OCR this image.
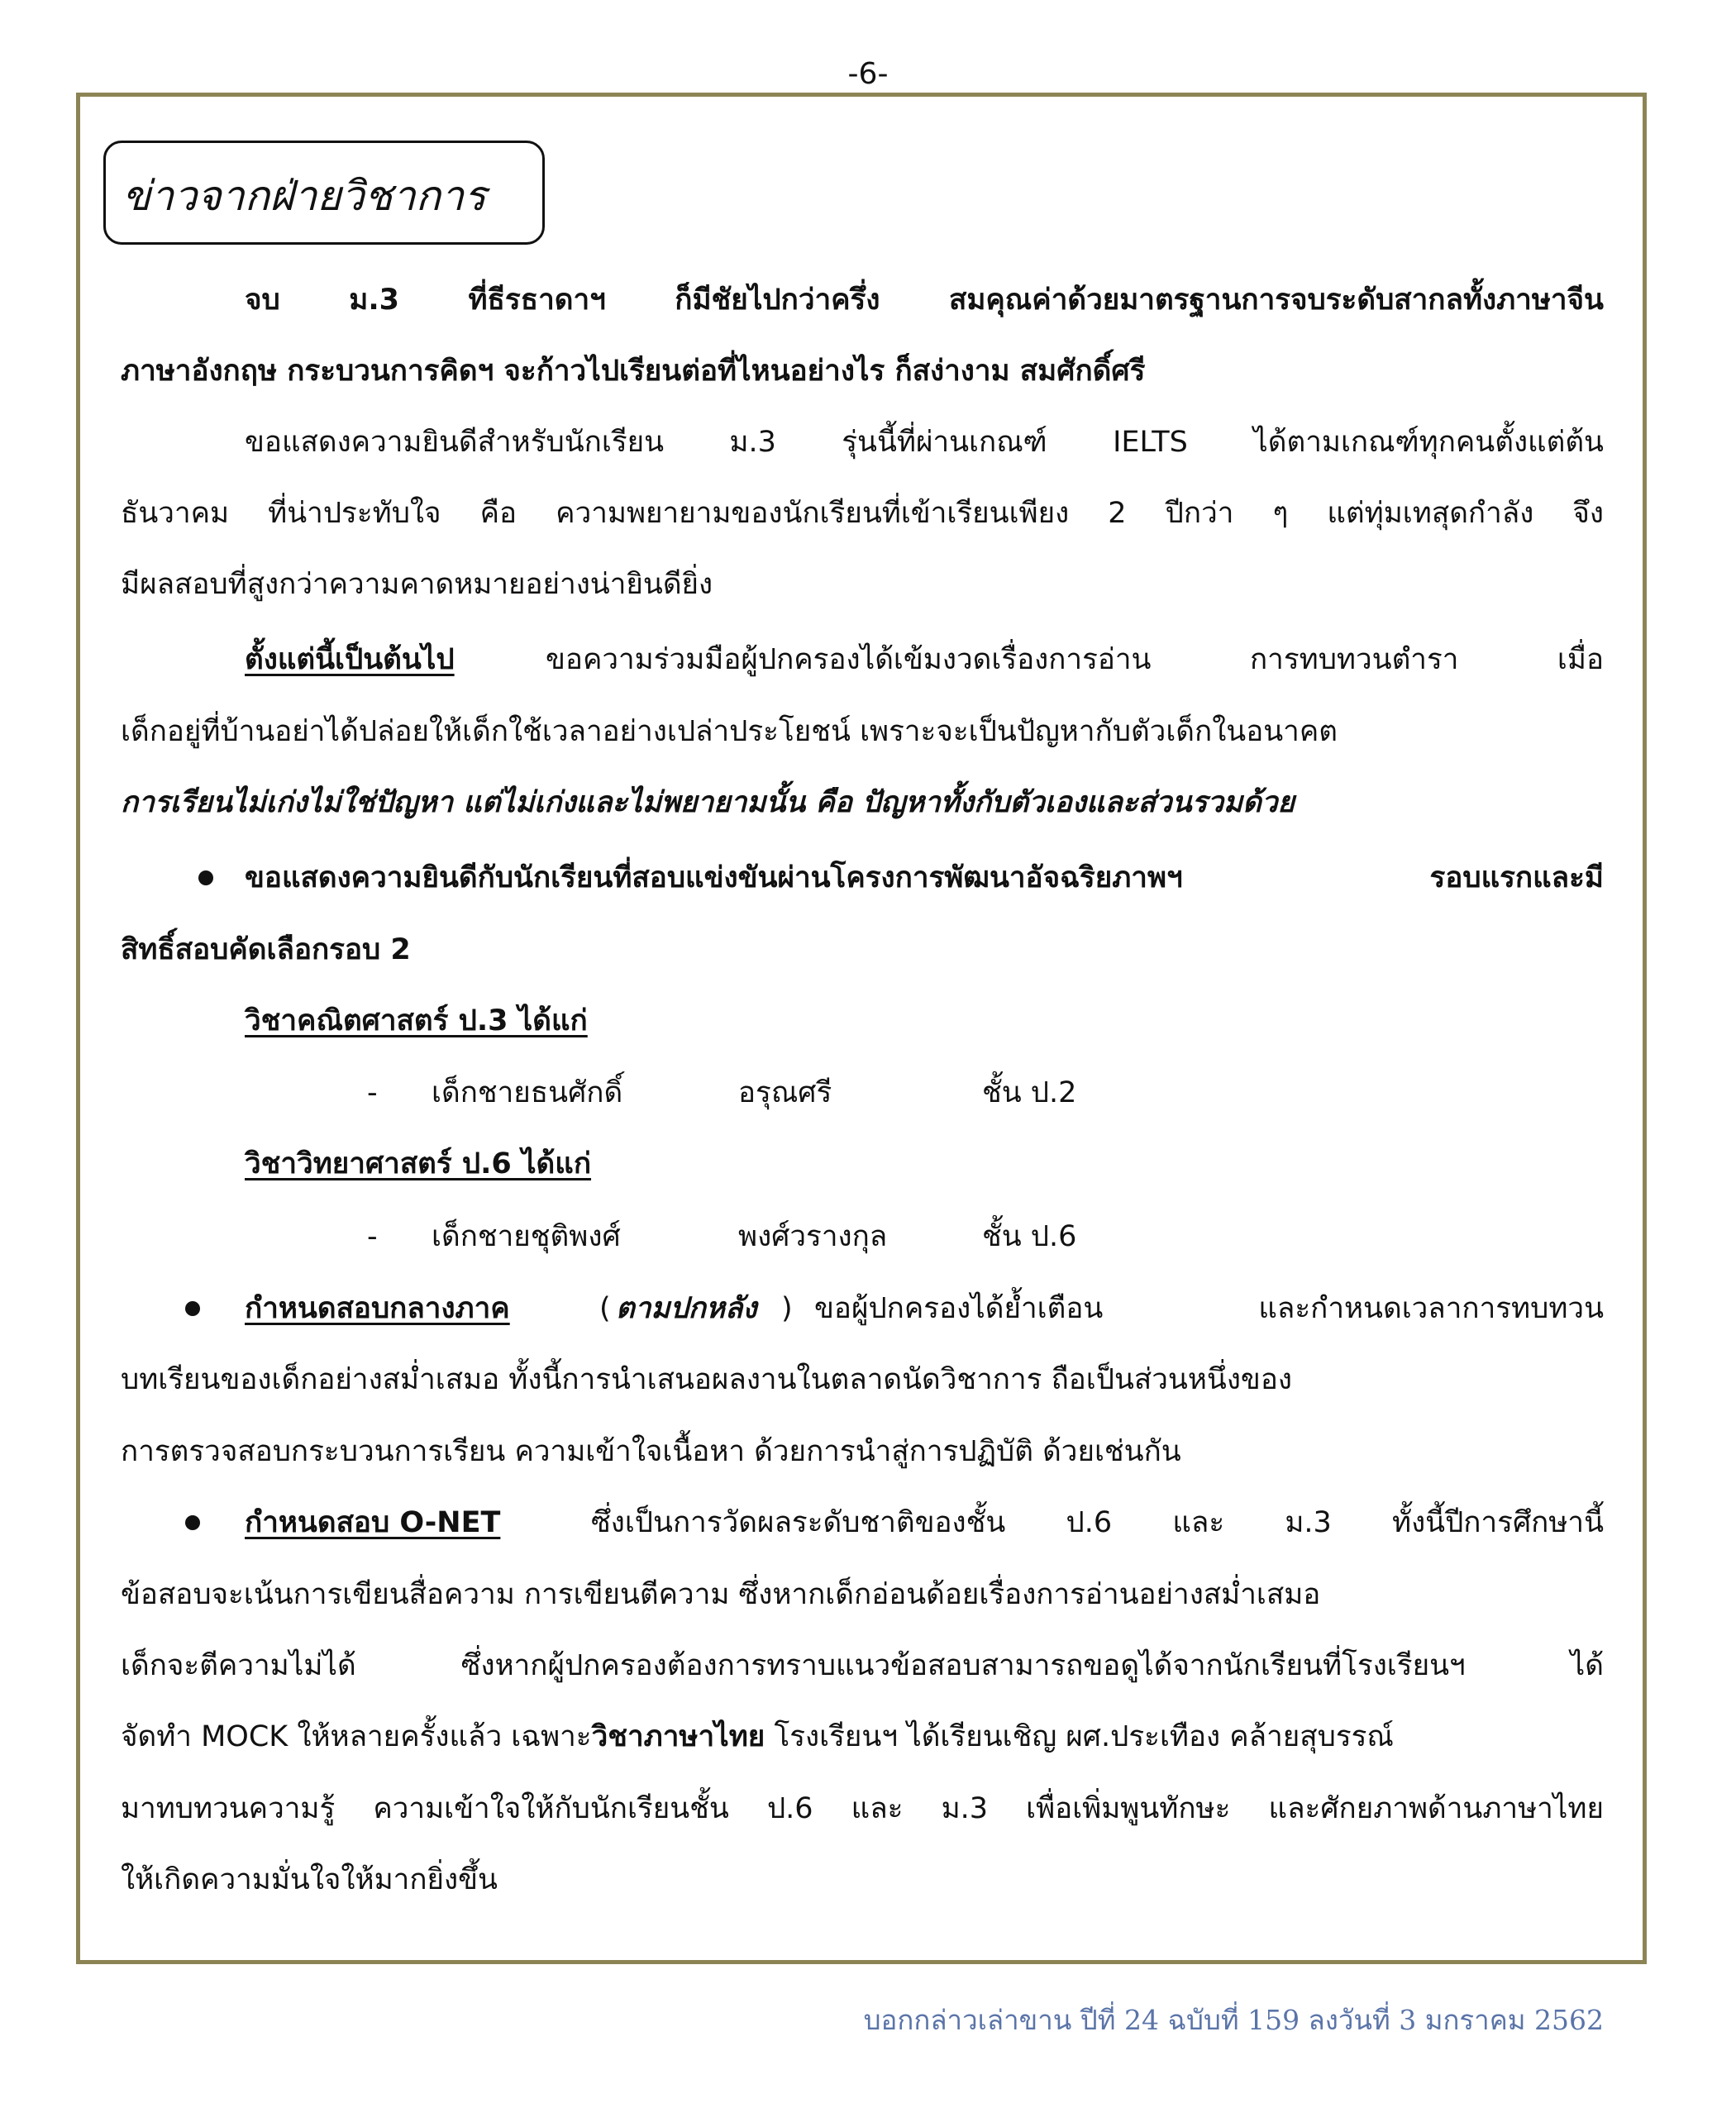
-6-
ข่าวจากฝ่ายวิชาการ
จบ ม.3 ที่ธีรธาดาฯ ก็มีชัยไปกว่าครึ่ง สมคุณค่าด้วยมาตรฐานการจบระดับสากลทั้งภาษาจีน
ภาษาอังกฤษ กระบวนการคิดฯ จะก้าวไปเรียนต่อที่ไหนอย่างไร ก็สง่างาม สมศักดิ์ศรี
ขอแสดงความยินดีสำหรับนักเรียน ม.3 รุ่นนี้ที่ผ่านเกณฑ์ IELTS ได้ตามเกณฑ์ทุกคนตั้งแต่ต้น
ธันวาคม ที่น่าประทับใจ คือ ความพยายามของนักเรียนที่เข้าเรียนเพียง 2 ปีกว่า ๆ แต่ทุ่มเทสุดกำลัง จึง
มีผลสอบที่สูงกว่าความคาดหมายอย่างน่ายินดียิ่ง
ตั้งแต่นี้เป็นต้นไป	ขอความร่วมมือผู้ปกครองได้เข้มงวดเรื่องการอ่าน การทบทวนตำรา เมื่อ
เด็กอยู่ที่บ้านอย่าได้ปล่อยให้เด็กใช้เวลาอย่างเปล่าประโยชน์ เพราะจะเป็นปัญหากับตัวเด็กในอนาคต
การเรียนไม่เก่งไม่ใช่ปัญหา แต่ไม่เก่งและไม่พยายามนั้น คือ ปัญหาทั้งกับตัวเองและส่วนรวมด้วย
ขอแสดงความยินดีกับนักเรียนที่สอบแข่งขันผ่านโครงการพัฒนาอัจฉริยภาพฯ รอบแรกและมี
สิทธิ์สอบคัดเลือกรอบ 2
วิชาคณิตศาสตร์ ป.3 ได้แก่
- เด็กชายธนศักดิ์	อรุณศรี	ชั้น ป.2
วิชาวิทยาศาสตร์ ป.6 ได้แก่
- เด็กชายชุติพงศ์	พงศ์วรางกุล	ชั้น ป.6
กำหนดสอบกลางภาค	( ตามปกหลัง ) ขอผู้ปกครองได้ย้ำเตือน และกำหนดเวลาการทบทวน
บทเรียนของเด็กอย่างสม่ำเสมอ ทั้งนี้การนำเสนอผลงานในตลาดนัดวิชาการ ถือเป็นส่วนหนึ่งของ
การตรวจสอบกระบวนการเรียน ความเข้าใจเนื้อหา ด้วยการนำสู่การปฏิบัติ ด้วยเช่นกัน
กำหนดสอบ O-NET	ซึ่งเป็นการวัดผลระดับชาติของชั้น ป.6 และ ม.3 ทั้งนี้ปีการศึกษานี้
ข้อสอบจะเน้นการเขียนสื่อความ การเขียนตีความ ซึ่งหากเด็กอ่อนด้อยเรื่องการอ่านอย่างสม่ำเสมอ
เด็กจะตีความไม่ได้ ซึ่งหากผู้ปกครองต้องการทราบแนวข้อสอบสามารถขอดูได้จากนักเรียนที่โรงเรียนฯ ได้
จัดทำ MOCK ให้หลายครั้งแล้ว เฉพาะวิชาภาษาไทย โรงเรียนฯ ได้เรียนเชิญ ผศ.ประเทือง คล้ายสุบรรณ์
มาทบทวนความรู้ ความเข้าใจให้กับนักเรียนชั้น ป.6 และ ม.3 เพื่อเพิ่มพูนทักษะ และศักยภาพด้านภาษาไทย
ให้เกิดความมั่นใจให้มากยิ่งขึ้น
บอกกล่าวเล่าขาน ปีที่ 24 ฉบับที่ 159 ลงวันที่ 3 มกราคม 2562
